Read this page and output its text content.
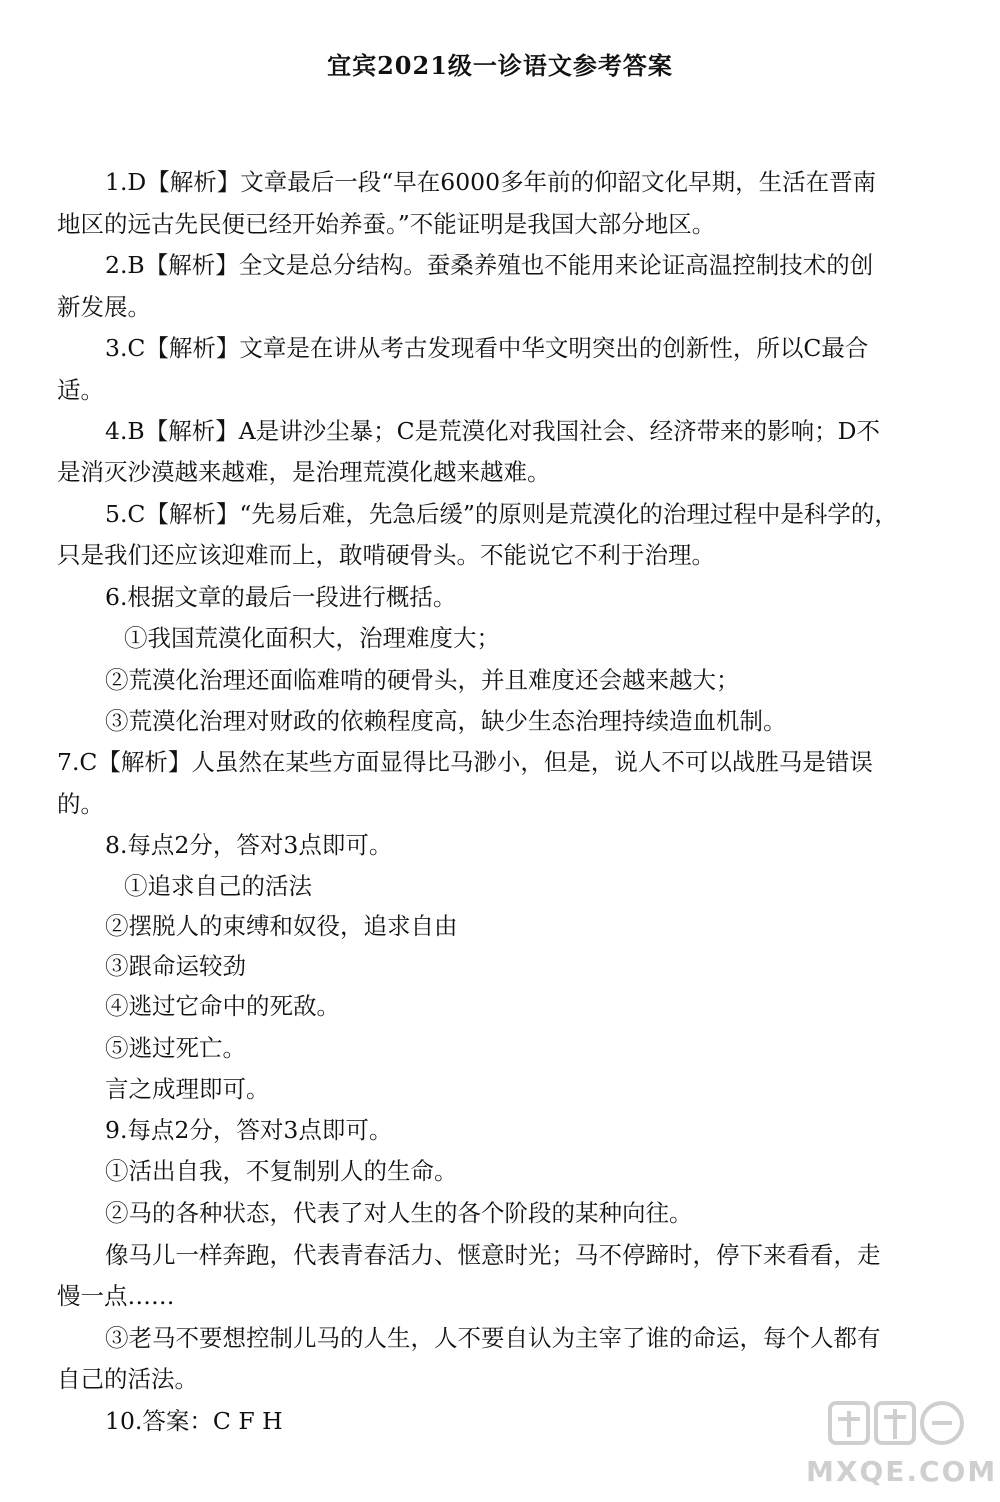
宜宾2021级一诊语文参考答案
1.D【解析】文章最后一段“早在6000多年前的仰韶文化早期，生活在晋南
地区的远古先民便已经开始养蚕。”不能证明是我国大部分地区。
2.B【解析】全文是总分结构。蚕桑养殖也不能用来论证高温控制技术的创
新发展。
3.C【解析】文章是在讲从考古发现看中华文明突出的创新性，所以C最合
适。
4.B【解析】A是讲沙尘暴；C是荒漠化对我国社会、经济带来的影响；D不
是消灭沙漠越来越难，是治理荒漠化越来越难。
5.C【解析】“先易后难，先急后缓”的原则是荒漠化的治理过程中是科学的，
只是我们还应该迎难而上，敢啃硬骨头。不能说它不利于治理。
6.根据文章的最后一段进行概括。
①我国荒漠化面积大，治理难度大；
②荒漠化治理还面临难啃的硬骨头，并且难度还会越来越大；
③荒漠化治理对财政的依赖程度高，缺少生态治理持续造血机制。
7.C【解析】人虽然在某些方面显得比马渺小，但是，说人不可以战胜马是错误
的。
8.每点2分，答对3点即可。
①追求自己的活法
②摆脱人的束缚和奴役，追求自由
③跟命运较劲
④逃过它命中的死敌。
⑤逃过死亡。
言之成理即可。
9.每点2分，答对3点即可。
①活出自我，不复制别人的生命。
②马的各种状态，代表了对人生的各个阶段的某种向往。
像马儿一样奔跑，代表青春活力、惬意时光；马不停蹄时，停下来看看，走
慢一点……
③老马不要想控制儿马的人生，人不要自认为主宰了谁的命运，每个人都有
自己的活法。
10.答案：C F H
MXQE.COM
